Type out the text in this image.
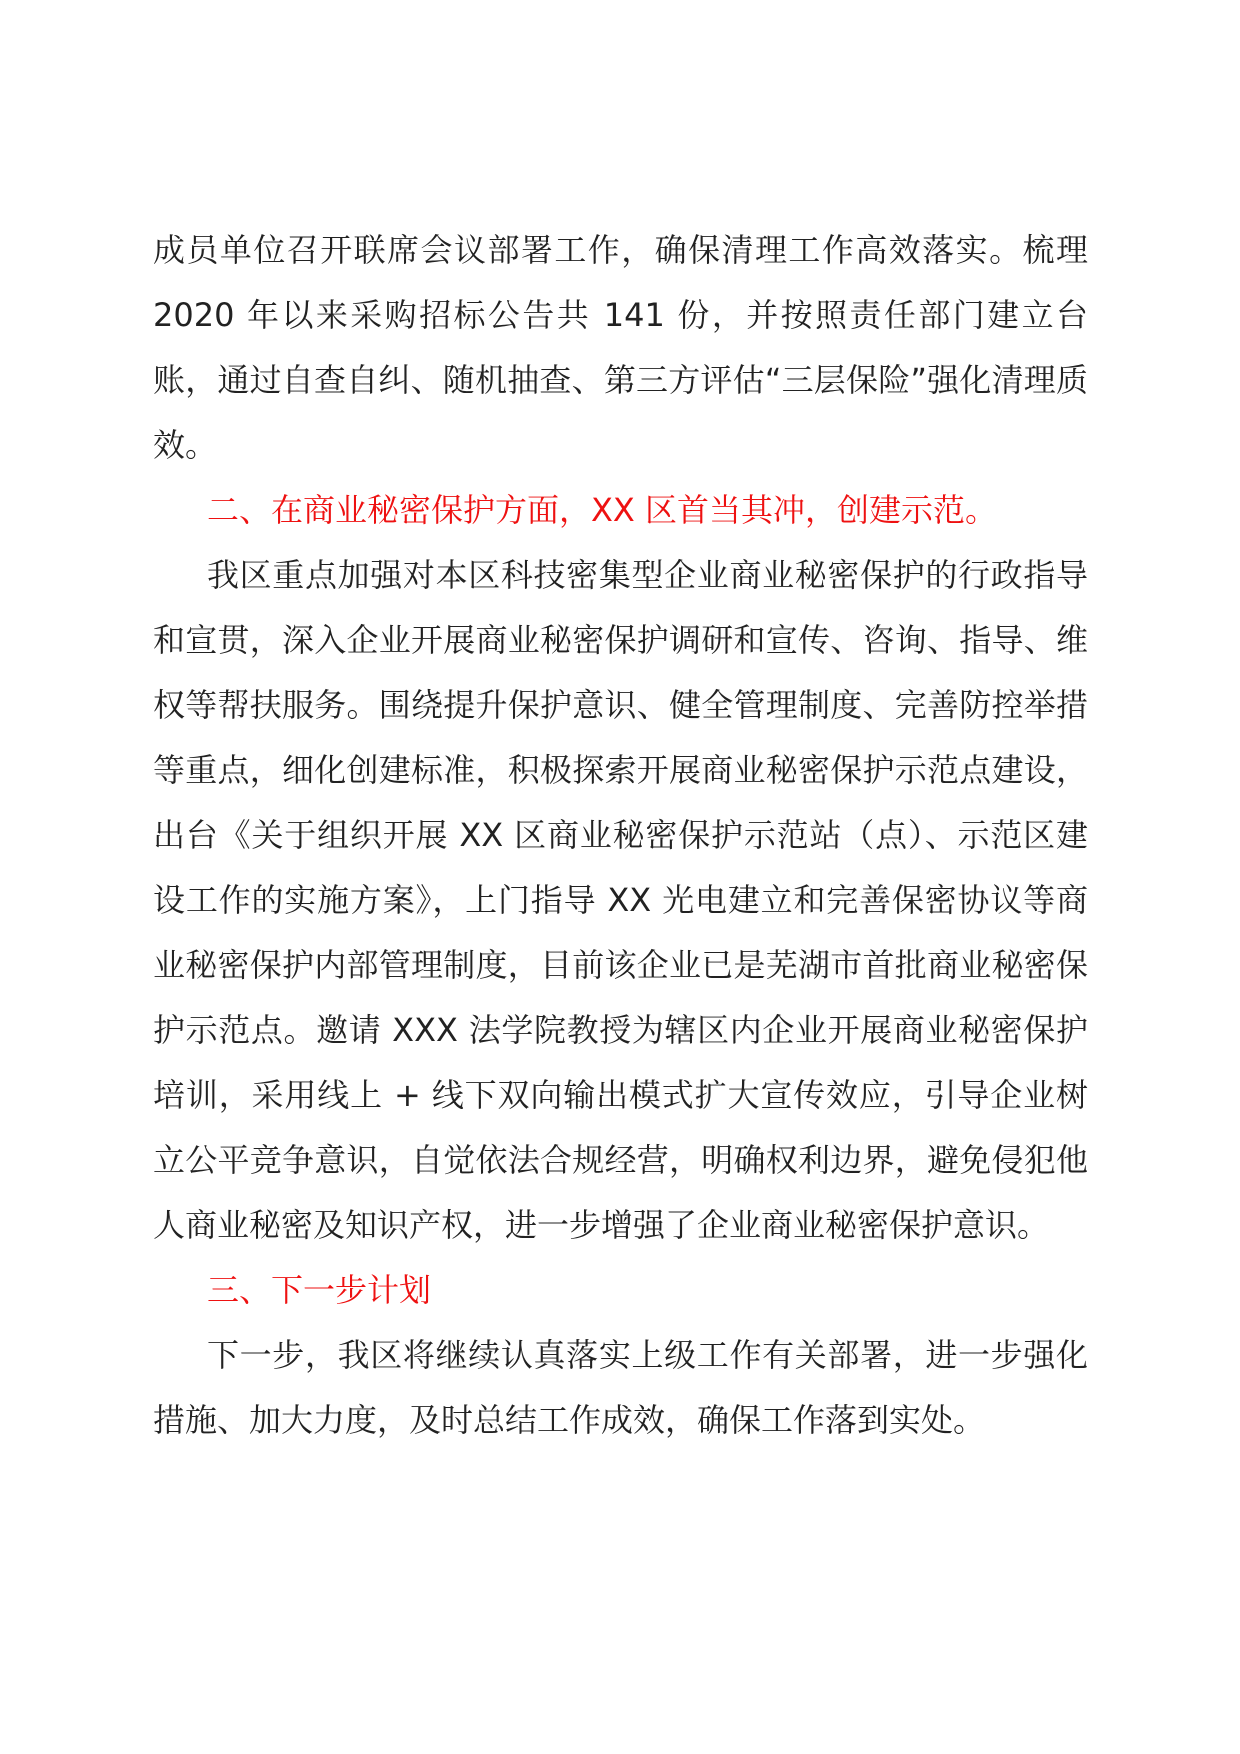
成员单位召开联席会议部署工作，确保清理工作高效落实。梳理 2020 年以来采购招标公告共 141 份，并按照责任部门建立台账，通过自查自纠、随机抽查、第三方评估“三层保险”强化清理质效。

二、在商业秘密保护方面，XX 区首当其冲，创建示范。

我区重点加强对本区科技密集型企业商业秘密保护的行政指导和宣贯，深入企业开展商业秘密保护调研和宣传、咨询、指导、维权等帮扶服务。围绕提升保护意识、健全管理制度、完善防控举措等重点，细化创建标准，积极探索开展商业秘密保护示范点建设，出台《关于组织开展 XX 区商业秘密保护示范站（点）、示范区建设工作的实施方案》，上门指导 XX 光电建立和完善保密协议等商业秘密保护内部管理制度，目前该企业已是芜湖市首批商业秘密保护示范点。邀请 XXX 法学院教授为辖区内企业开展商业秘密保护培训，采用线上 + 线下双向输出模式扩大宣传效应，引导企业树立公平竞争意识，自觉依法合规经营，明确权利边界，避免侵犯他人商业秘密及知识产权，进一步增强了企业商业秘密保护意识。

三、下一步计划

下一步，我区将继续认真落实上级工作有关部署，进一步强化措施、加大力度，及时总结工作成效，确保工作落到实处。
